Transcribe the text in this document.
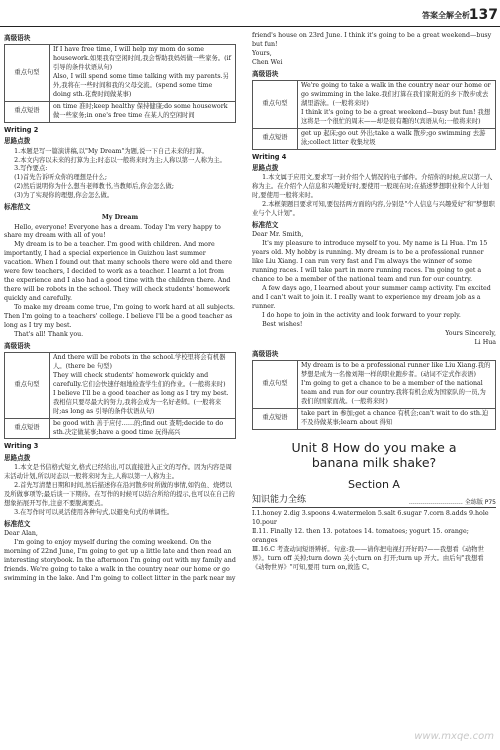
答案全解全析
137
高级语块
重点句型	If I have free time, I will help my mom do some housework.如果我有空闲时间,我会帮助我妈妈做一些家务。(if 引导的条件状语从句)

Also, I will spend some time talking with my parents.另外,我将在一些时间和我的父母交流。(spend some time doing sth.花费时间做某事)

重点短语	on time 准时;keep healthy 保持健康;do some housework 做一些家务;in one's free time 在某人的空闲时间

Writing 2
思路点拨

1.本题是写一篇演讲稿,以"My Dream"为题,说一下自己未来的打算。

2.本文内容以未来的打算为主;时态以一般将来时为主;人称以第一人称为主。

3.写作要点:

(1)首先告诉听众你的理想是什么;

(2)然后说明你为什么想当老师教书,当教师后,你会怎么做;

(3)为了实现你的理想,你会怎么做。

标准范文
My Dream

Hello, everyone! Everyone has a dream. Today I'm very happy to share my dream with all of you!

My dream is to be a teacher. I'm good with children. And more importantly, I had a special experience in Guizhou last summer vacation. When I found out that many schools there were old and there were few teachers, I decided to work as a teacher. I learnt a lot from the experience and I also had a good time with the children there. And there will be robots in the school. They will check students' homework quickly and carefully.

To make my dream come true, I'm going to work hard at all subjects. Then I'm going to a teachers' college. I believe I'll be a good teacher as long as I try my best.

That's all! Thank you.

高级语块
重点句型	And there will be robots in the school.学校里将会有机器人。(there be 句型)

They will check students' homework quickly and carefully.它们会快速仔细地检查学生们的作业。(一般将来时)

I believe I'll be a good teacher as long as I try my best.我相信只要尽最大的努力,我将会成为一名好老师。(一般将来时;as long as 引导的条件状语从句)

重点短语	be good with 善于应付……的;find out 查明;decide to do sth.决定做某事;have a good time 玩得高兴

Writing 3
思路点拨

1.本文是书信格式短文,格式已经给出,可以直接进入正文的写作。因为内容是周末活动计划,所以时态以一般将来时为主,人称以第一人称为主。

2.首先写清楚日期和时间,然后描述你在沿河散步时所做的事情,如钓鱼、烧烤以及所做事项等;最后谈一下期待。在写作的时候可以结合所给的提示,也可以在自己的想象拓展开写作,注意不要脱离要点。

3.在写作时可以灵活使用各种句式,以避免句式的单调性。

标准范文

Dear Alan,

I'm going to enjoy myself during the coming weekend. On the morning of 22nd June, I'm going to get up a little late and then read an interesting storybook. In the afternoon I'm going out with my family and friends. We're going to take a walk in the country near our home or go swimming in the lake. And I'm going to collect litter in the park near my

friend's house on 23rd June. I think it's going to be a great weekend—busy but fun!

Yours,

Chen Wei

高级语块
重点句型	We're going to take a walk in the country near our home or go swimming in the lake.我们打算在我们家附近的乡下散步或去湖里游泳。(一般将来时)

I think it's going to be a great weekend—busy but fun! 我想这将是一个很忙的周末——却是很有趣的!(宾语从句;一般将来时)

重点短语	get up 起床;go out 外出;take a walk 散步;go swimming 去游泳;collect litter 收集垃圾

Writing 4
思路点拨

1.本文属于应用文,要求写一封介绍个人情况的电子邮件。介绍你的时候,应以第一人称为主。在介绍个人信息和兴趣爱好时,要使用一般现在时;在描述梦想职业和个人计划时,要使用一般将来时。

2.本框架题目要求可知,要包括两方面的内容,分别是"个人信息与兴趣爱好"和"梦想职业与个人计划"。

标准范文

Dear Mr. Smith,

It's my pleasure to introduce myself to you. My name is Li Hua. I'm 15 years old. My hobby is running. My dream is to be a professional runner like Liu Xiang. I can run very fast and I'm always the winner of some running races. I will take part in more running races. I'm going to get a chance to be a member of the national team and run for our country.

A few days ago, I learned about your summer camp activity. I'm excited and I can't wait to join it. I really want to experience my dream job as a runner.

I do hope to join in the activity and look forward to your reply.

Best wishes!

Yours Sincerely,

Li Hua

高级语块
重点句型	My dream is to be a professional runner like Liu Xiang.我的梦想是成为一名像刘翔一样的职业跑步者。(动词不定式作表语)

I'm going to get a chance to be a member of the national team and run for our country.我将有机会成为国家队的一员,为我们的国家而战。(一般将来时)

重点短语	take part in 参加;get a chance 有机会;can't wait to do sth.迫不及待做某事;learn about 得知

Unit 8 How do you make a
banana milk shake?
Section A
知识能力全练	……………………… 全练版 P75

Ⅰ.1.honey 2.dig 3.spoons 4.watermelon 5.salt 6.sugar 7.corn 8.adds 9.hole 10.pour

Ⅱ.11. Finally 12. then 13. potatoes 14. tomatoes; yogurt 15. orange; oranges

Ⅲ.16.C 考查动词短语辨析。句意:我——请你把电视打开好吗?——我想看《动物世界》。turn off 关掉;turn down 关小;turn on 打开;turn up 开大。由后句"我想看《动物世界》"可知,要用 turn on,故选 C。

www.mxqe.com
